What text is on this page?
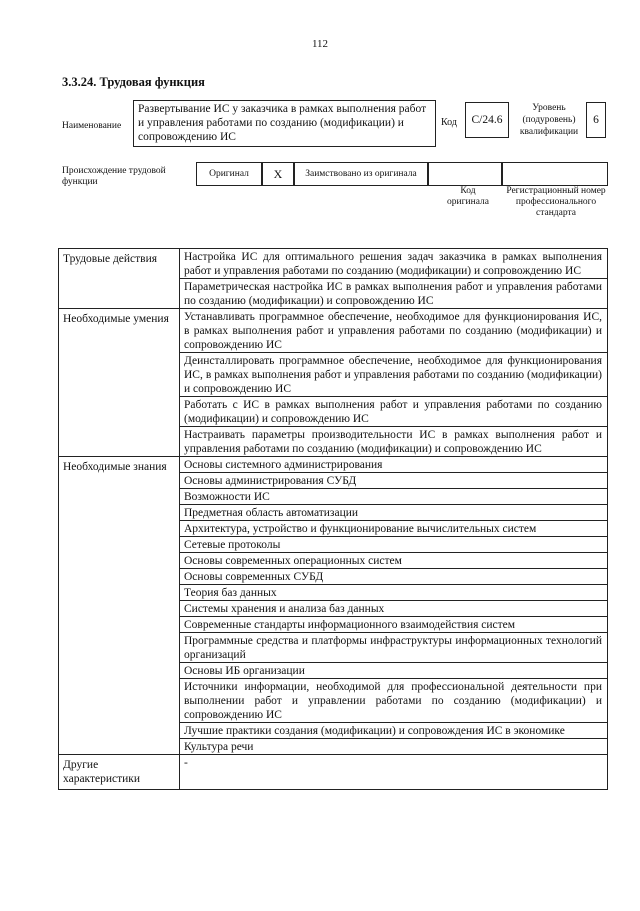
112
3.3.24. Трудовая функция
Наименование
Развертывание ИС у заказчика в рамках выполнения работ и управления работами по созданию (модификации) и сопровождению ИС
Код	C/24.6
Уровень (подуровень) квалификации
6
Происхождение трудовой функции
Оригинал	X	Заимствовано из оригинала
Код оригинала
Регистрационный номер профессионального стандарта
Трудовые действия	Настройка ИС для оптимального решения задач заказчика в рамках выполнения работ и управления работами по созданию (модификации) и сопровождению ИС
	Параметрическая настройка ИС в рамках выполнения работ и управления работами по созданию (модификации) и сопровождению ИС
Необходимые умения	Устанавливать программное обеспечение, необходимое для функционирования ИС, в рамках выполнения работ и управления работами по созданию (модификации) и сопровождению ИС
	Деинсталлировать программное обеспечение, необходимое для функционирования ИС, в рамках выполнения работ и управления работами по созданию (модификации) и сопровождению ИС
	Работать с ИС в рамках выполнения работ и управления работами по созданию (модификации) и сопровождению ИС
	Настраивать параметры производительности ИС в рамках выполнения работ и управления работами по созданию (модификации) и сопровождению ИС
Необходимые знания	Основы системного администрирования
	Основы администрирования СУБД
	Возможности ИС
	Предметная область автоматизации
	Архитектура, устройство и функционирование вычислительных систем
	Сетевые протоколы
	Основы современных операционных систем
	Основы современных СУБД
	Теория баз данных
	Системы хранения и анализа баз данных
	Современные стандарты информационного взаимодействия систем
	Программные средства и платформы инфраструктуры информационных технологий организаций
	Основы ИБ организации
	Источники информации, необходимой для профессиональной деятельности при выполнении работ и управлении работами по созданию (модификации) и сопровождению ИС
	Лучшие практики создания (модификации) и сопровождения ИС в экономике
	Культура речи
Другие характеристики	-
